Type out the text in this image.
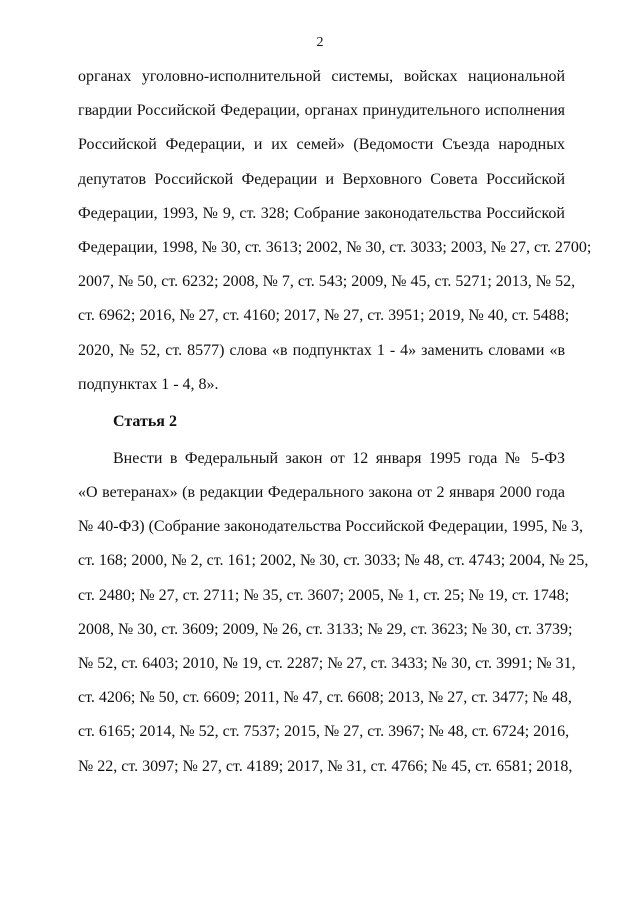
2
органах уголовно-исполнительной системы, войсках национальной
гвардии Российской Федерации, органах принудительного исполнения
Российской Федерации, и их семей» (Ведомости Съезда народных
депутатов Российской Федерации и Верховного Совета Российской
Федерации, 1993, № 9, ст. 328; Собрание законодательства Российской
Федерации, 1998, № 30, ст. 3613; 2002, № 30, ст. 3033; 2003, № 27, ст. 2700;
2007, № 50, ст. 6232; 2008, № 7, ст. 543; 2009, № 45, ст. 5271; 2013, № 52,
ст. 6962; 2016, № 27, ст. 4160; 2017, № 27, ст. 3951; 2019, № 40, ст. 5488;
2020, № 52, ст. 8577) слова «в подпунктах 1 - 4» заменить словами «в
подпунктах 1 - 4, 8».
Статья 2
Внести в Федеральный закон от 12 января 1995 года № 5-ФЗ
«О ветеранах» (в редакции Федерального закона от 2 января 2000 года
№ 40-ФЗ) (Собрание законодательства Российской Федерации, 1995, № 3,
ст. 168; 2000, № 2, ст. 161; 2002, № 30, ст. 3033; № 48, ст. 4743; 2004, № 25,
ст. 2480; № 27, ст. 2711; № 35, ст. 3607; 2005, № 1, ст. 25; № 19, ст. 1748;
2008, № 30, ст. 3609; 2009, № 26, ст. 3133; № 29, ст. 3623; № 30, ст. 3739;
№ 52, ст. 6403; 2010, № 19, ст. 2287; № 27, ст. 3433; № 30, ст. 3991; № 31,
ст. 4206; № 50, ст. 6609; 2011, № 47, ст. 6608; 2013, № 27, ст. 3477; № 48,
ст. 6165; 2014, № 52, ст. 7537; 2015, № 27, ст. 3967; № 48, ст. 6724; 2016,
№ 22, ст. 3097; № 27, ст. 4189; 2017, № 31, ст. 4766; № 45, ст. 6581; 2018,
